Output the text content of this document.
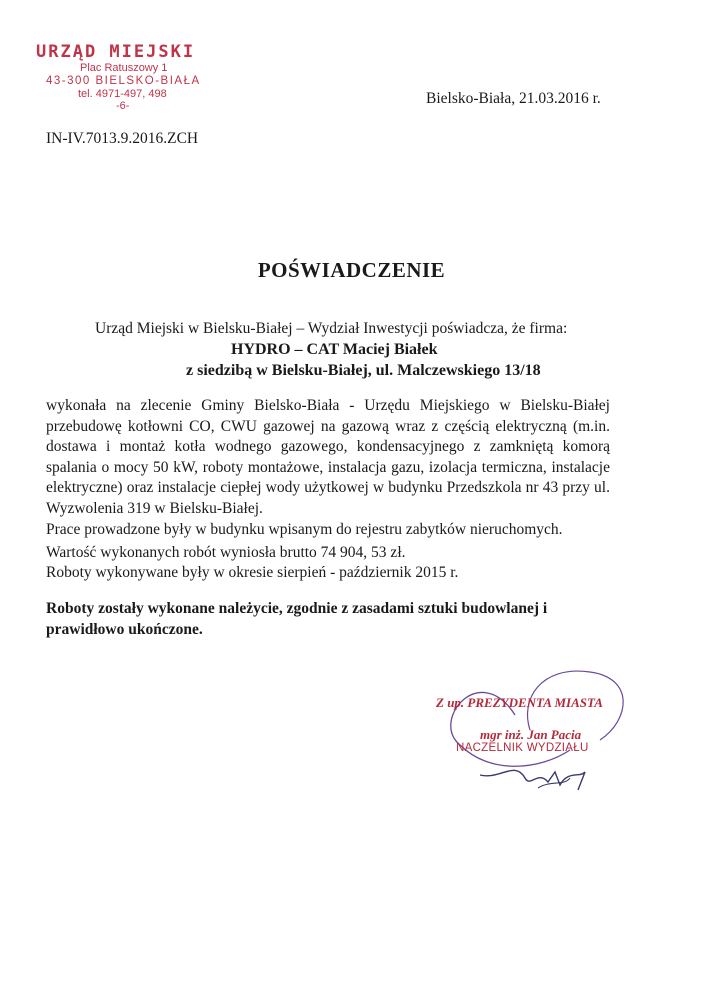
URZĄD MIEJSKI
Plac Ratuszowy 1
43-300 BIELSKO-BIAŁA
tel. 4971-497, 498
-6-	Bielsko-Biała, 21.03.2016 r.
IN-IV.7013.9.2016.ZCH
POŚWIADCZENIE
Urząd Miejski w Bielsku-Białej – Wydział Inwestycji poświadcza, że firma:
HYDRO – CAT Maciej Białek
z siedzibą w Bielsku-Białej, ul. Malczewskiego 13/18

wykonała na zlecenie Gminy Bielsko-Biała - Urzędu Miejskiego w Bielsku-Białej przebudowę kotłowni CO, CWU gazowej na gazową wraz z częścią elektryczną (m.in. dostawa i montaż kotła wodnego gazowego, kondensacyjnego z zamkniętą komorą spalania o mocy 50 kW, roboty montażowe, instalacja gazu, izolacja termiczna, instalacje elektryczne) oraz instalacje ciepłej wody użytkowej w budynku Przedszkola nr 43 przy ul. Wyzwolenia 319 w Bielsku-Białej.

Prace prowadzone były w budynku wpisanym do rejestru zabytków nieruchomych.

Wartość wykonanych robót wyniosła brutto 74 904, 53 zł.
Roboty wykonywane były w okresie sierpień - październik 2015 r.
Roboty zostały wykonane należycie, zgodnie z zasadami sztuki budowlanej i prawidłowo ukończone.
Z up. PREZYDENTA MIASTA
mgr inż. Jan Pacia
NACZELNIK WYDZIAŁU
